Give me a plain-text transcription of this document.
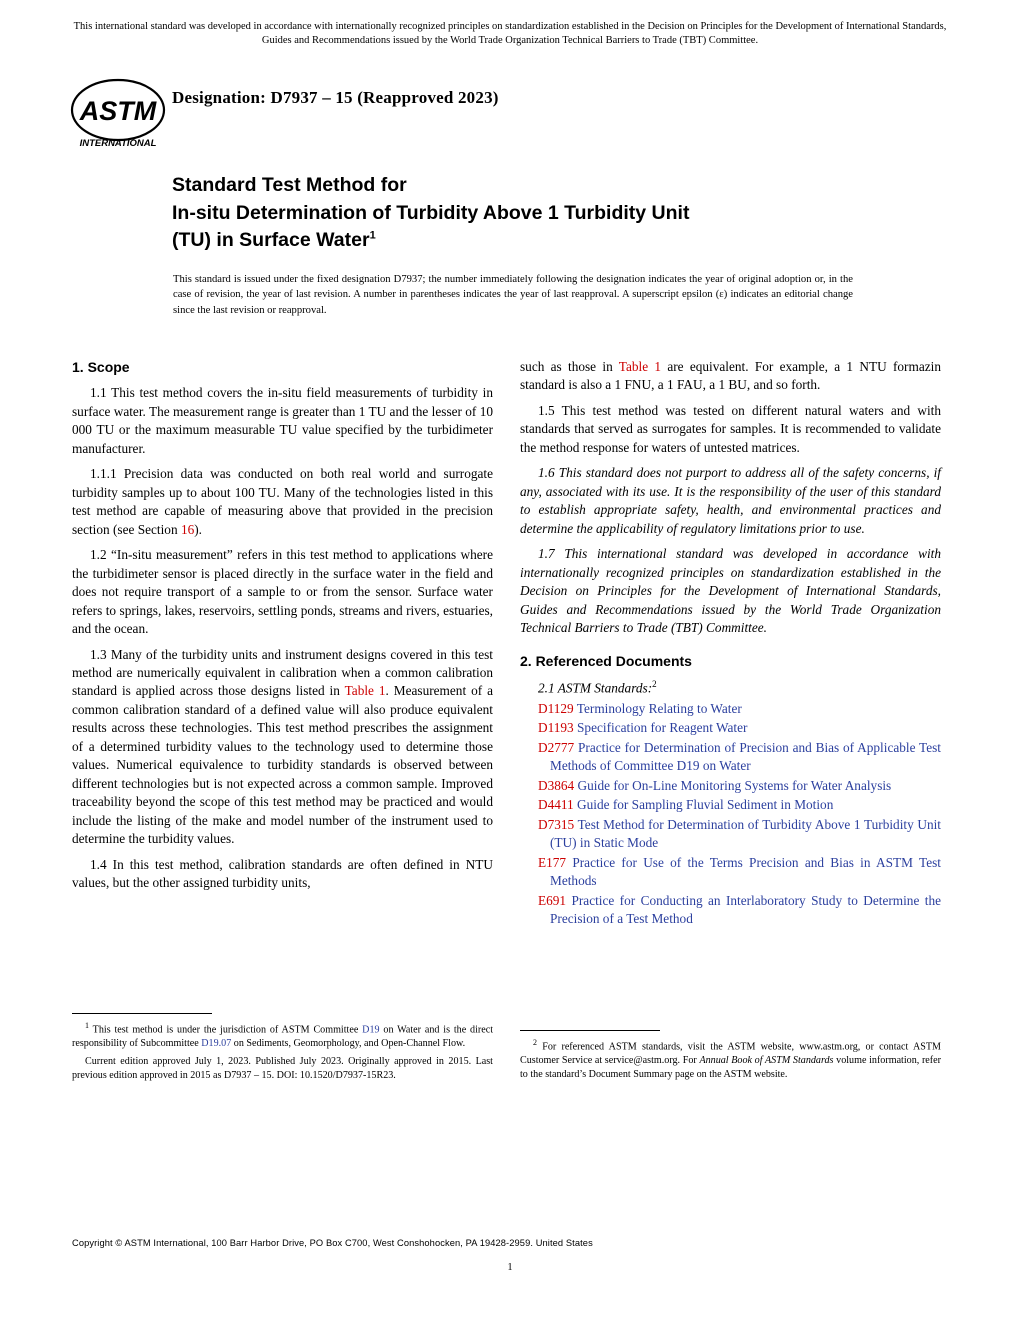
This international standard was developed in accordance with internationally recognized principles on standardization established in the Decision on Principles for the Development of International Standards, Guides and Recommendations issued by the World Trade Organization Technical Barriers to Trade (TBT) Committee.
ASTM
INTERNATIONAL
Designation: D7937 – 15 (Reapproved 2023)
Standard Test Method for
In-situ Determination of Turbidity Above 1 Turbidity Unit
(TU) in Surface Water$^1$
This standard is issued under the fixed designation D7937; the number immediately following the designation indicates the year of original adoption or, in the case of revision, the year of last revision. A number in parentheses indicates the year of last reapproval. A superscript epsilon (ε) indicates an editorial change since the last revision or reapproval.
1. Scope

1.1 This test method covers the in-situ field measurements of turbidity in surface water. The measurement range is greater than 1 TU and the lesser of 10 000 TU or the maximum measurable TU value specified by the turbidimeter manufacturer.

1.1.1 Precision data was conducted on both real world and surrogate turbidity samples up to about 100 TU. Many of the technologies listed in this test method are capable of measuring above that provided in the precision section (see Section 16).

1.2 “In-situ measurement” refers in this test method to applications where the turbidimeter sensor is placed directly in the surface water in the field and does not require transport of a sample to or from the sensor. Surface water refers to springs, lakes, reservoirs, settling ponds, streams and rivers, estuaries, and the ocean.

1.3 Many of the turbidity units and instrument designs covered in this test method are numerically equivalent in calibration when a common calibration standard is applied across those designs listed in Table 1. Measurement of a common calibration standard of a defined value will also produce equivalent results across these technologies. This test method prescribes the assignment of a determined turbidity values to the technology used to determine those values. Numerical equivalence to turbidity standards is observed between different technologies but is not expected across a common sample. Improved traceability beyond the scope of this test method may be practiced and would include the listing of the make and model number of the instrument used to determine the turbidity values.

1.4 In this test method, calibration standards are often defined in NTU values, but the other assigned turbidity units,

such as those in Table 1 are equivalent. For example, a 1 NTU formazin standard is also a 1 FNU, a 1 FAU, a 1 BU, and so forth.

1.5 This test method was tested on different natural waters and with standards that served as surrogates for samples. It is recommended to validate the method response for waters of untested matrices.

1.6 This standard does not purport to address all of the safety concerns, if any, associated with its use. It is the responsibility of the user of this standard to establish appropriate safety, health, and environmental practices and determine the applicability of regulatory limitations prior to use.

1.7 This international standard was developed in accordance with internationally recognized principles on standardization established in the Decision on Principles for the Development of International Standards, Guides and Recommendations issued by the World Trade Organization Technical Barriers to Trade (TBT) Committee.

2. Referenced Documents
2.1 ASTM Standards:$^2$
D1129 Terminology Relating to Water
D1193 Specification for Reagent Water
D2777 Practice for Determination of Precision and Bias of Applicable Test Methods of Committee D19 on Water
D3864 Guide for On-Line Monitoring Systems for Water Analysis
D4411 Guide for Sampling Fluvial Sediment in Motion
D7315 Test Method for Determination of Turbidity Above 1 Turbidity Unit (TU) in Static Mode
E177 Practice for Use of the Terms Precision and Bias in ASTM Test Methods
E691 Practice for Conducting an Interlaboratory Study to Determine the Precision of a Test Method

$^1$ This test method is under the jurisdiction of ASTM Committee D19 on Water and is the direct responsibility of Subcommittee D19.07 on Sediments, Geomorphology, and Open-Channel Flow.

Current edition approved July 1, 2023. Published July 2023. Originally approved in 2015. Last previous edition approved in 2015 as D7937 – 15. DOI: 10.1520/D7937-15R23.

$^2$ For referenced ASTM standards, visit the ASTM website, www.astm.org, or contact ASTM Customer Service at service@astm.org. For Annual Book of ASTM Standards volume information, refer to the standard’s Document Summary page on the ASTM website.

Copyright © ASTM International, 100 Barr Harbor Drive, PO Box C700, West Conshohocken, PA 19428-2959. United States
1
